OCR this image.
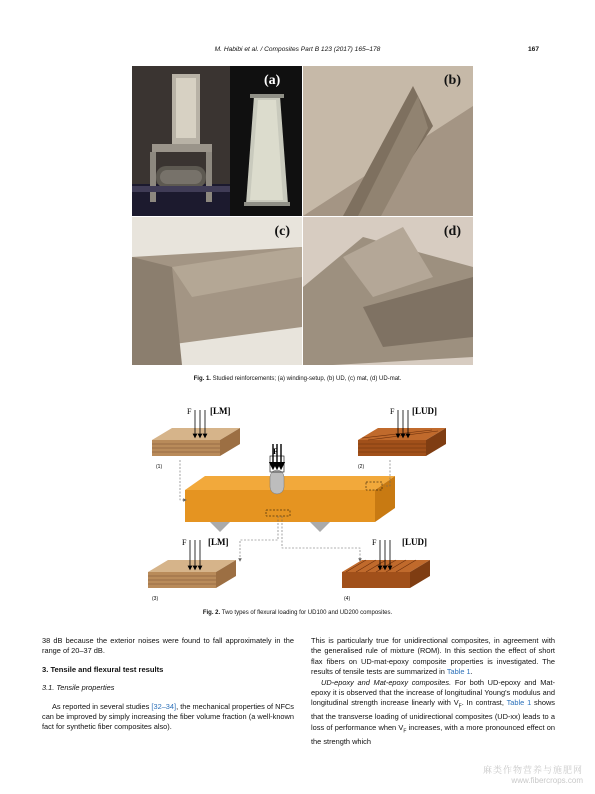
M. Habibi et al. / Composites Part B 123 (2017) 165–178	167
(a)	(b)
(c)	(d)
Fig. 1. Studied reinforcements; (a) winding-setup, (b) UD, (c) mat, (d) UD-mat.
F [LM]
(1)
F [LUD]
(2)
F
F [LM]
(3)
F	[LUD]
(4)
Fig. 2. Two types of flexural loading for UD100 and UD200 composites.
38 dB because the exterior noises were found to fall approximately in the range of 20–37 dB.
3. Tensile and flexural test results
3.1. Tensile properties
As reported in several studies [32–34], the mechanical properties of NFCs can be improved by simply increasing the fiber volume fraction (a well-known fact for synthetic fiber composites also).
This is particularly true for unidirectional composites, in agreement with the generalised rule of mixture (ROM). In this section the effect of short flax fibers on UD-mat-epoxy composite properties is investigated. The results of tensile tests are summarized in Table 1.
UD-epoxy and Mat-epoxy composites. For both UD-epoxy and Mat-epoxy it is observed that the increase of longitudinal Young's modulus and longitudinal strength increase linearly with $V_F$. In contrast, Table 1 shows that the transverse loading of unidirectional composites (UD-xx) leads to a loss of performance when $V_F$ increases, with a more pronounced effect on the strength which
麻类作物营养与施肥网
www.fibercrops.com
